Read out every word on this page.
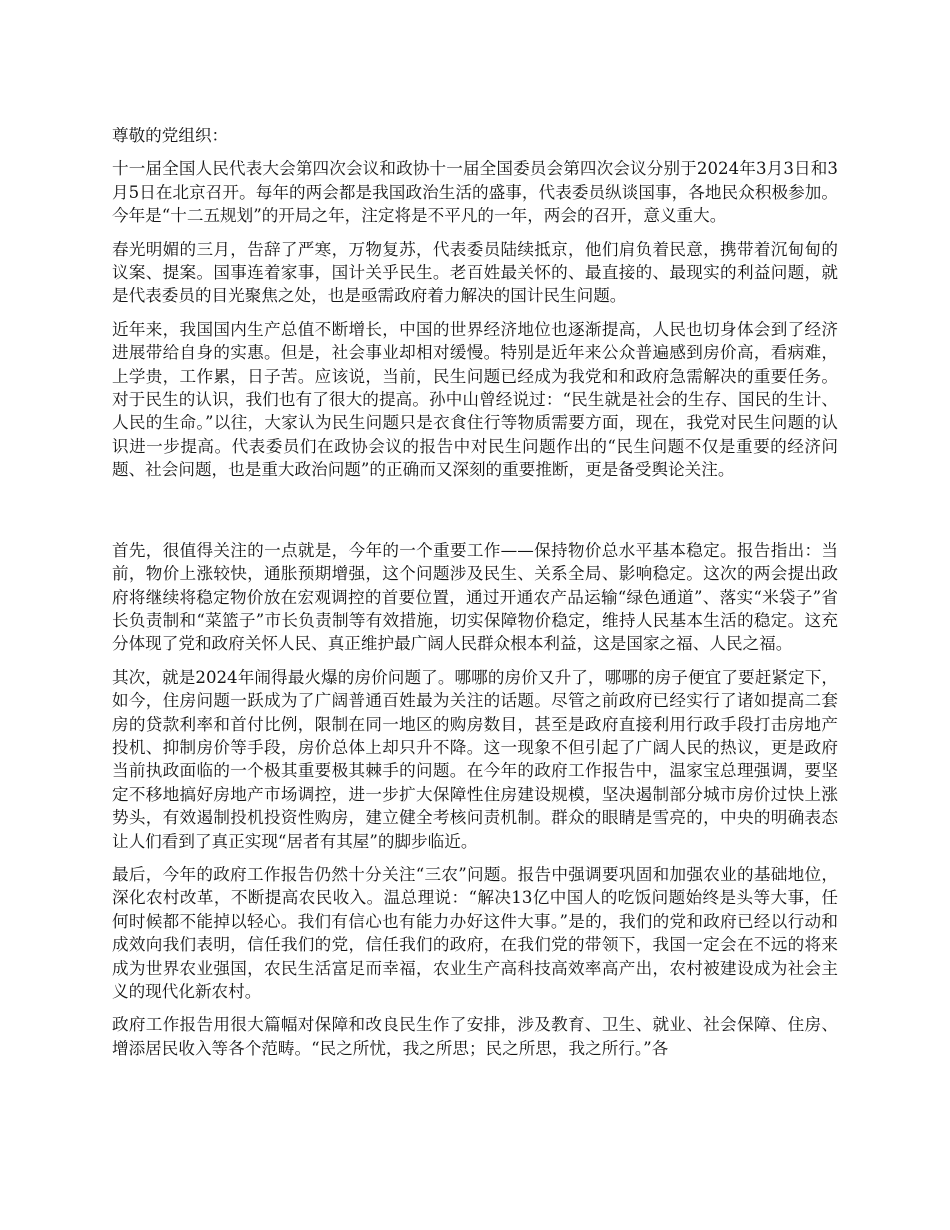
尊敬的党组织：

十一届全国人民代表大会第四次会议和政协十一届全国委员会第四次会议分别于2024年3月3日和3月5日在北京召开。每年的两会都是我国政治生活的盛事，代表委员纵谈国事，各地民众积极参加。今年是“十二五规划”的开局之年，注定将是不平凡的一年，两会的召开，意义重大。

春光明媚的三月，告辞了严寒，万物复苏，代表委员陆续抵京，他们肩负着民意，携带着沉甸甸的议案、提案。国事连着家事，国计关乎民生。老百姓最关怀的、最直接的、最现实的利益问题，就是代表委员的目光聚焦之处，也是亟需政府着力解决的国计民生问题。

近年来，我国国内生产总值不断增长，中国的世界经济地位也逐渐提高，人民也切身体会到了经济进展带给自身的实惠。但是，社会事业却相对缓慢。特别是近年来公众普遍感到房价高，看病难，上学贵，工作累，日子苦。应该说，当前，民生问题已经成为我党和和政府急需解决的重要任务。对于民生的认识，我们也有了很大的提高。孙中山曾经说过：“民生就是社会的生存、国民的生计、人民的生命。”以往，大家认为民生问题只是衣食住行等物质需要方面，现在，我党对民生问题的认识进一步提高。代表委员们在政协会议的报告中对民生问题作出的“民生问题不仅是重要的经济问题、社会问题，也是重大政治问题”的正确而又深刻的重要推断，更是备受舆论关注。

首先，很值得关注的一点就是，今年的一个重要工作——保持物价总水平基本稳定。报告指出：当前，物价上涨较快，通胀预期增强，这个问题涉及民生、关系全局、影响稳定。这次的两会提出政府将继续将稳定物价放在宏观调控的首要位置，通过开通农产品运输“绿色通道”、落实“米袋子”省长负责制和“菜篮子”市长负责制等有效措施，切实保障物价稳定，维持人民基本生活的稳定。这充分体现了党和政府关怀人民、真正维护最广阔人民群众根本利益，这是国家之福、人民之福。

其次，就是2024年闹得最火爆的房价问题了。哪哪的房价又升了，哪哪的房子便宜了要赶紧定下，如今，住房问题一跃成为了广阔普通百姓最为关注的话题。尽管之前政府已经实行了诸如提高二套房的贷款利率和首付比例，限制在同一地区的购房数目，甚至是政府直接利用行政手段打击房地产投机、抑制房价等手段，房价总体上却只升不降。这一现象不但引起了广阔人民的热议，更是政府当前执政面临的一个极其重要极其棘手的问题。在今年的政府工作报告中，温家宝总理强调，要坚定不移地搞好房地产市场调控，进一步扩大保障性住房建设规模，坚决遏制部分城市房价过快上涨势头，有效遏制投机投资性购房，建立健全考核问责机制。群众的眼睛是雪亮的，中央的明确表态让人们看到了真正实现“居者有其屋”的脚步临近。

最后，今年的政府工作报告仍然十分关注“三农”问题。报告中强调要巩固和加强农业的基础地位，深化农村改革，不断提高农民收入。温总理说：“解决13亿中国人的吃饭问题始终是头等大事，任何时候都不能掉以轻心。我们有信心也有能力办好这件大事。”是的，我们的党和政府已经以行动和成效向我们表明，信任我们的党，信任我们的政府，在我们党的带领下，我国一定会在不远的将来成为世界农业强国，农民生活富足而幸福，农业生产高科技高效率高产出，农村被建设成为社会主义的现代化新农村。

政府工作报告用很大篇幅对保障和改良民生作了安排，涉及教育、卫生、就业、社会保障、住房、增添居民收入等各个范畴。“民之所忧，我之所思；民之所思，我之所行。”各
